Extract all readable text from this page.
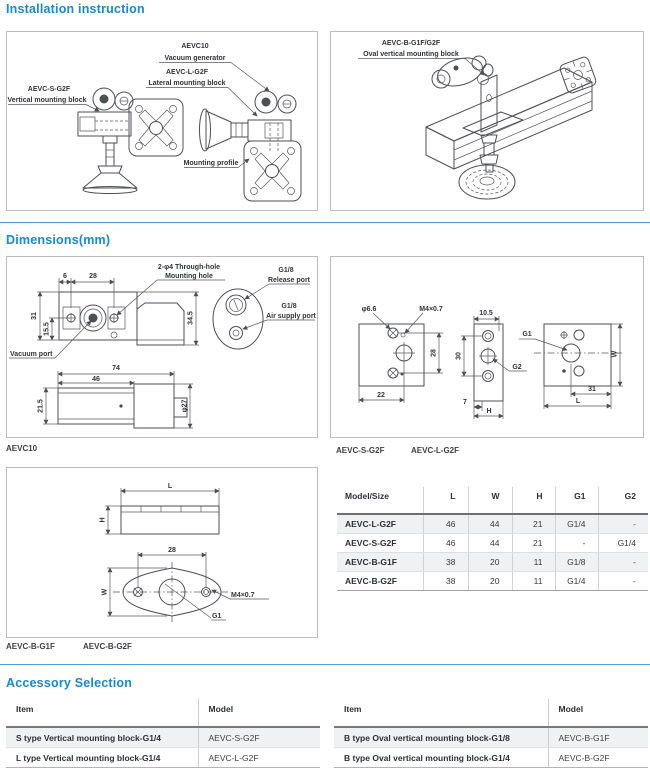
Installation instruction
AEVC10
Vacuum generator
AEVC-L-G2F
Lateral mounting block
AEVC-S-G2F
Vertical mounting block
Mounting profile
AEVC-B-G1F/G2F
Oval vertical mounting block
Dimensions(mm)
6	28
31
15.5
34.5
2-φ4 Through-hole
Mounting hole
Vacuum port
G1/8
Release port
G1/8
Air supply port
74
46
21.5	φ27
AEVC10
φ6.6	M4×0.7
28
22
10.5
30
7
H
G2
G1
W
31
L
AEVC-S-G2F	AEVC-L-G2F
L
H
28
W	M4×0.7
G1
AEVC-B-G1F	AEVC-B-G2F
Model/Size	L	W	H	G1	G2
AEVC-L-G2F	46	44	21	G1/4	-
AEVC-S-G2F	46	44	21	-	G1/4
AEVC-B-G1F	38	20	11	G1/8	-
AEVC-B-G2F	38	20	11	G1/4	-
Accessory Selection
Item	Model
S type Vertical mounting block-G1/4	AEVC-S-G2F
L type Vertical mounting block-G1/4	AEVC-L-G2F
Item	Model
B type Oval vertical mounting block-G1/8	AEVC-B-G1F
B type Oval vertical mounting block-G1/4	AEVC-B-G2F
